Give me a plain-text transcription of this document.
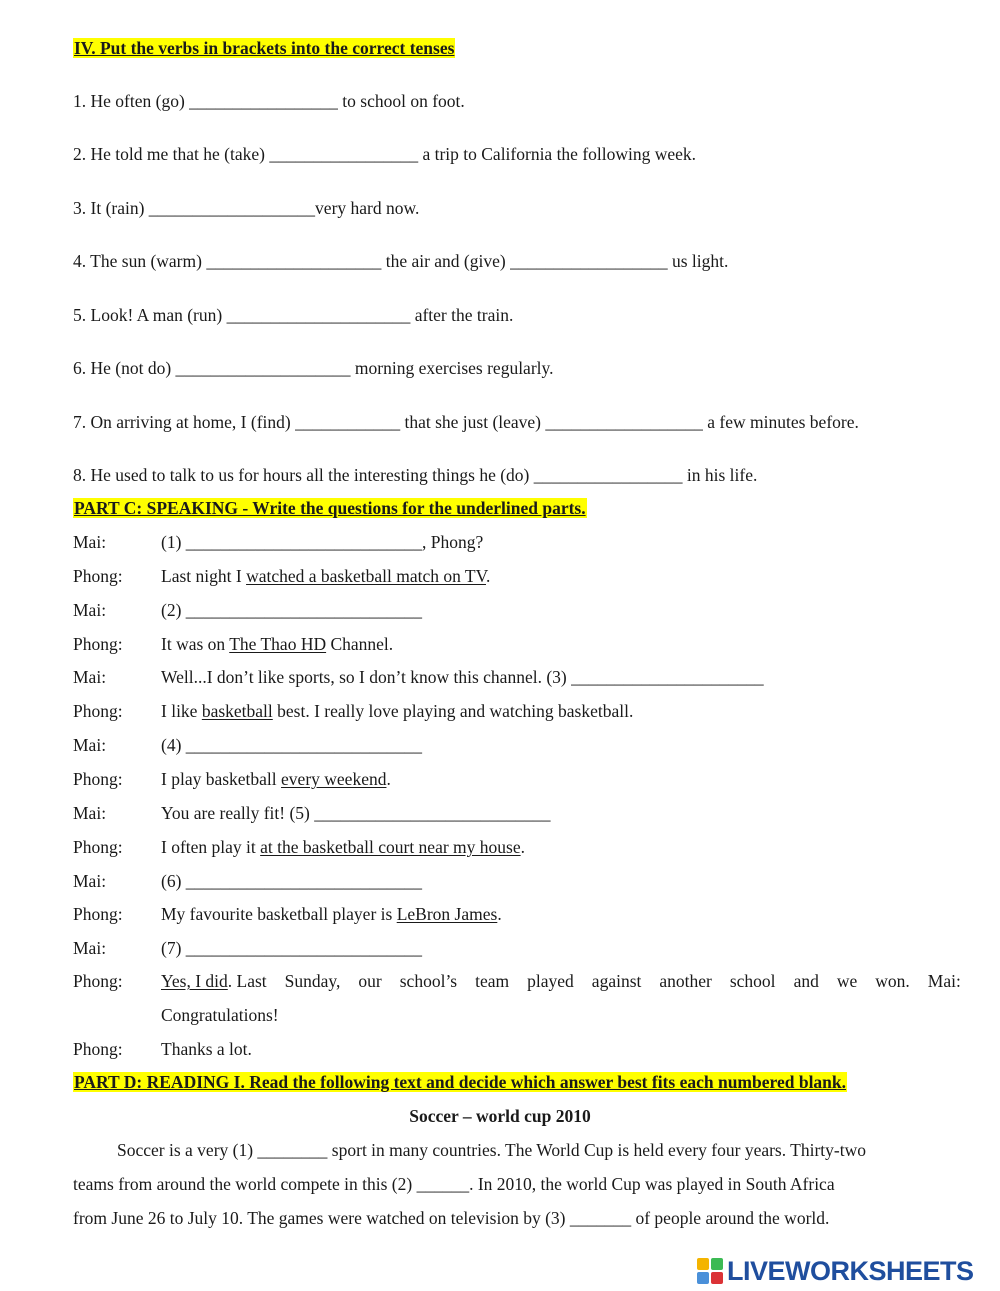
IV. Put the verbs in brackets into the correct tenses
1. He often (go) _________________ to school on foot.
2. He told me that he (take) _________________ a trip to California the following week.
3. It (rain) ___________________very hard now.
4. The sun (warm) ____________________ the air and (give) __________________ us light.
5. Look! A man (run) _____________________ after the train.
6. He (not do) ____________________ morning exercises regularly.
7. On arriving at home, I (find) ____________ that she just (leave) __________________ a few minutes before.
8. He used to talk to us for hours all the interesting things he (do) _________________ in his life.
PART C: SPEAKING - Write the questions for the underlined parts.
Mai:	(1) ___________________________, Phong?
Phong: Last night I watched a basketball match on TV.
Mai:	(2) ___________________________
Phong: It was on The Thao HD Channel.
Mai:	Well...I don’t like sports, so I don’t know this channel. (3) ______________________
Phong: I like basketball best. I really love playing and watching basketball.
Mai:	(4) ___________________________
Phong: I play basketball every weekend.
Mai:	You are really fit! (5) ___________________________
Phong: I often play it at the basketball court near my house.
Mai:	(6) ___________________________
Phong: My favourite basketball player is LeBron James.
Mai:	(7) ___________________________
Phong: Yes, I did. Last Sunday, our school’s team played against another school and we won. Mai:
Congratulations!
Phong: Thanks a lot.
PART D: READING I. Read the following text and decide which answer best fits each numbered blank.
Soccer – world cup 2010
Soccer is a very (1) ________ sport in many countries. The World Cup is held every four years. Thirty-two
teams from around the world compete in this (2) ______. In 2010, the world Cup was played in South Africa
from June 26 to July 10. The games were watched on television by (3) _______ of people around the world.
LIVEWORKSHEETS
